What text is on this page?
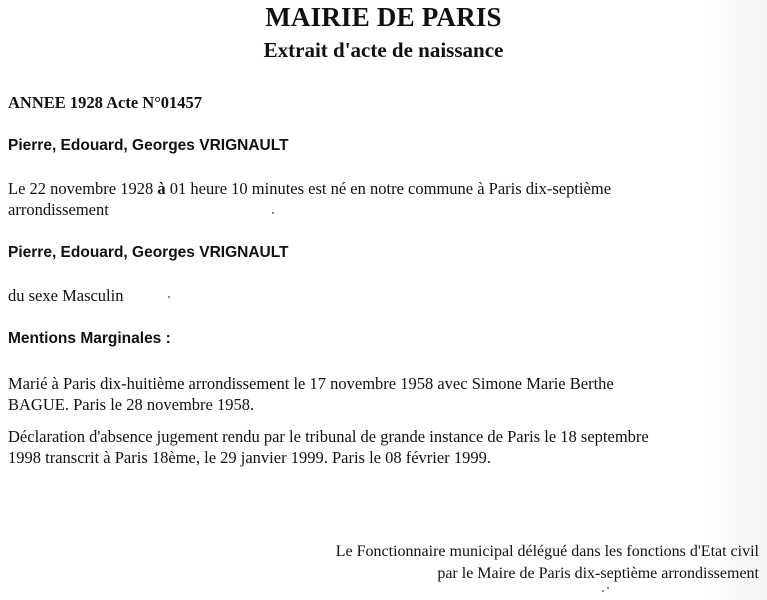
MAIRIE DE PARIS
Extrait d'acte de naissance
ANNEE 1928 Acte N°01457
Pierre, Edouard, Georges VRIGNAULT
Le 22 novembre 1928 à 01 heure 10 minutes est né en notre commune à Paris dix-septième
arrondissement
Pierre, Edouard, Georges VRIGNAULT
du sexe Masculin
Mentions Marginales :
Marié à Paris dix-huitième arrondissement le 17 novembre 1958 avec Simone Marie Berthe
BAGUE. Paris le 28 novembre 1958.
Déclaration d'absence jugement rendu par le tribunal de grande instance de Paris le 18 septembre
1998 transcrit à Paris 18ème, le 29 janvier 1999. Paris le 08 février 1999.
Le Fonctionnaire municipal délégué dans les fonctions d'Etat civil
par le Maire de Paris dix-septième arrondissement
